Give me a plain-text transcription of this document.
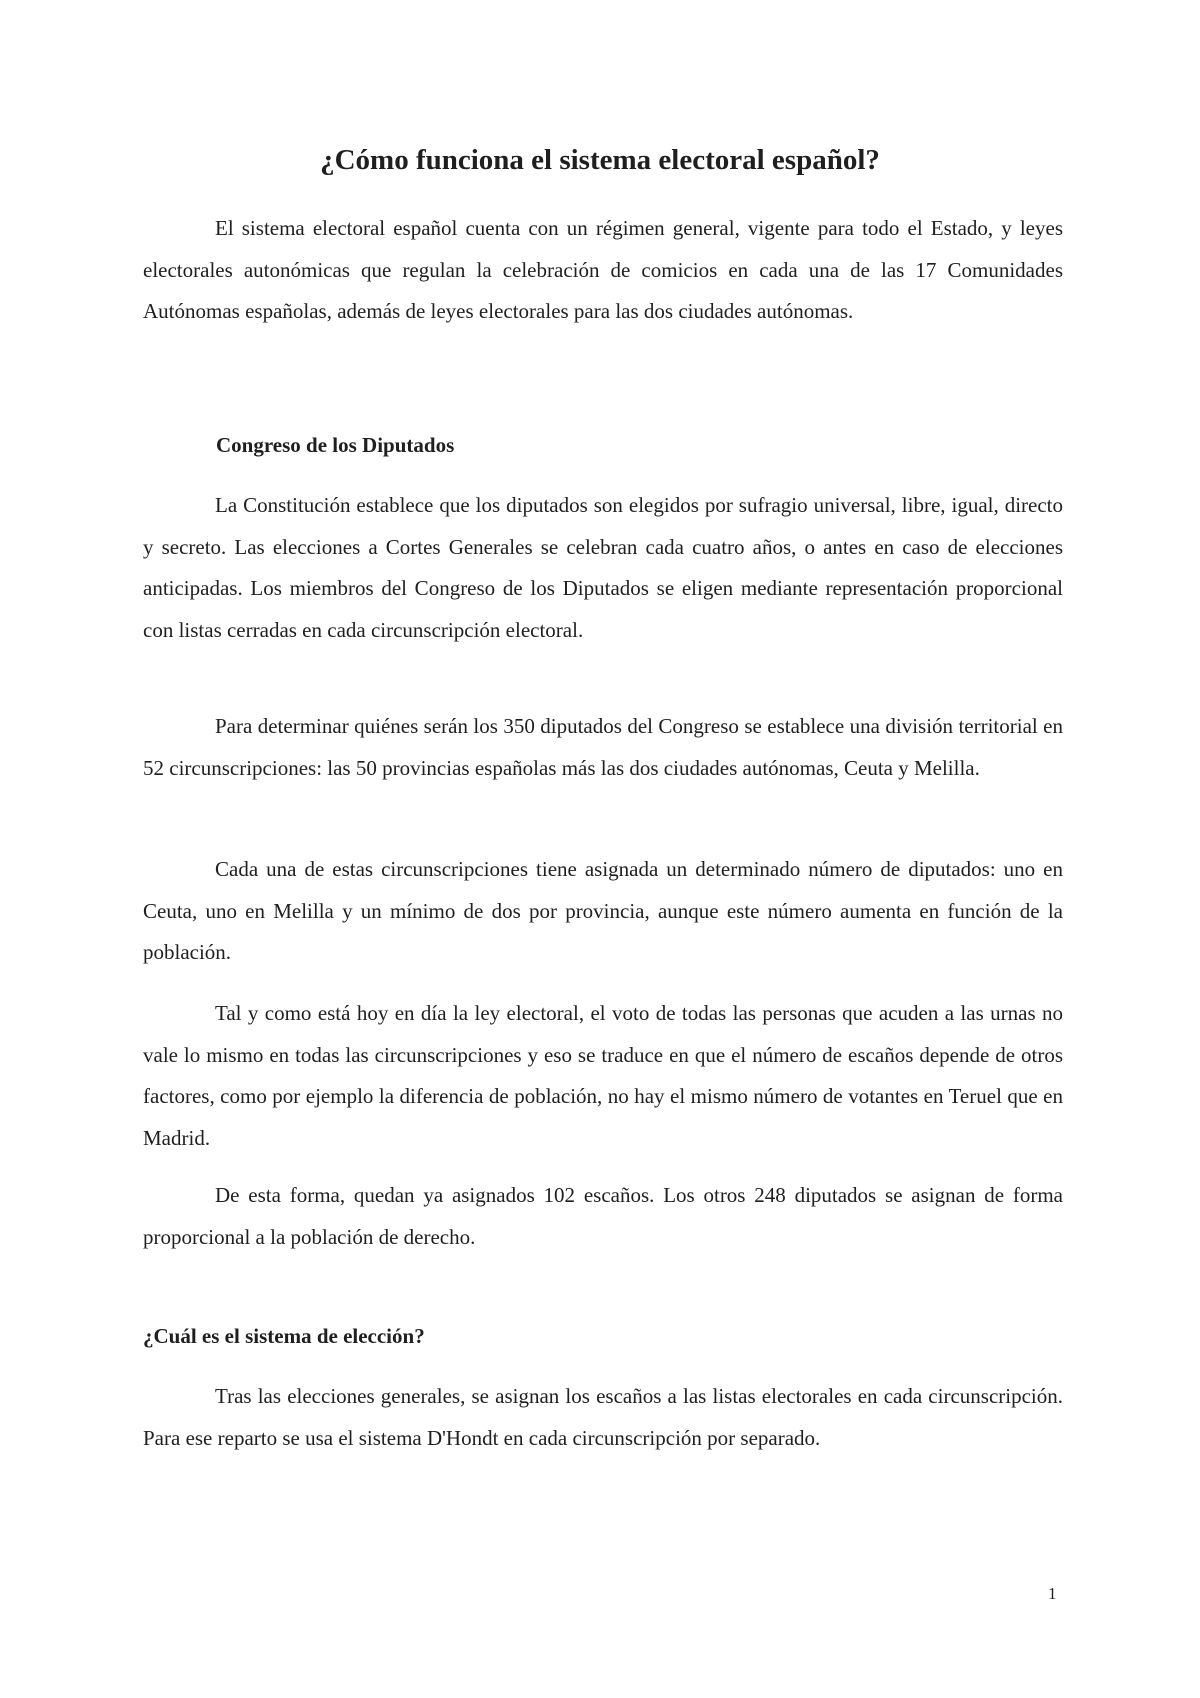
¿Cómo funciona el sistema electoral español?

El sistema electoral español cuenta con un régimen general, vigente para todo el Estado, y leyes electorales autonómicas que regulan la celebración de comicios en cada una de las 17 Comunidades Autónomas españolas, además de leyes electorales para las dos ciudades autónomas.

Congreso de los Diputados

La Constitución establece que los diputados son elegidos por sufragio universal, libre, igual, directo y secreto. Las elecciones a Cortes Generales se celebran cada cuatro años, o antes en caso de elecciones anticipadas. Los miembros del Congreso de los Diputados se eligen mediante representación proporcional con listas cerradas en cada circunscripción electoral.

Para determinar quiénes serán los 350 diputados del Congreso se establece una división territorial en 52 circunscripciones: las 50 provincias españolas más las dos ciudades autónomas, Ceuta y Melilla.

Cada una de estas circunscripciones tiene asignada un determinado número de diputados: uno en Ceuta, uno en Melilla y un mínimo de dos por provincia, aunque este número aumenta en función de la población.

Tal y como está hoy en día la ley electoral, el voto de todas las personas que acuden a las urnas no vale lo mismo en todas las circunscripciones y eso se traduce en que el número de escaños depende de otros factores, como por ejemplo la diferencia de población, no hay el mismo número de votantes en Teruel que en Madrid.

De esta forma, quedan ya asignados 102 escaños. Los otros 248 diputados se asignan de forma proporcional a la población de derecho.

¿Cuál es el sistema de elección?

Tras las elecciones generales, se asignan los escaños a las listas electorales en cada circunscripción. Para ese reparto se usa el sistema D'Hondt en cada circunscripción por separado.

1
